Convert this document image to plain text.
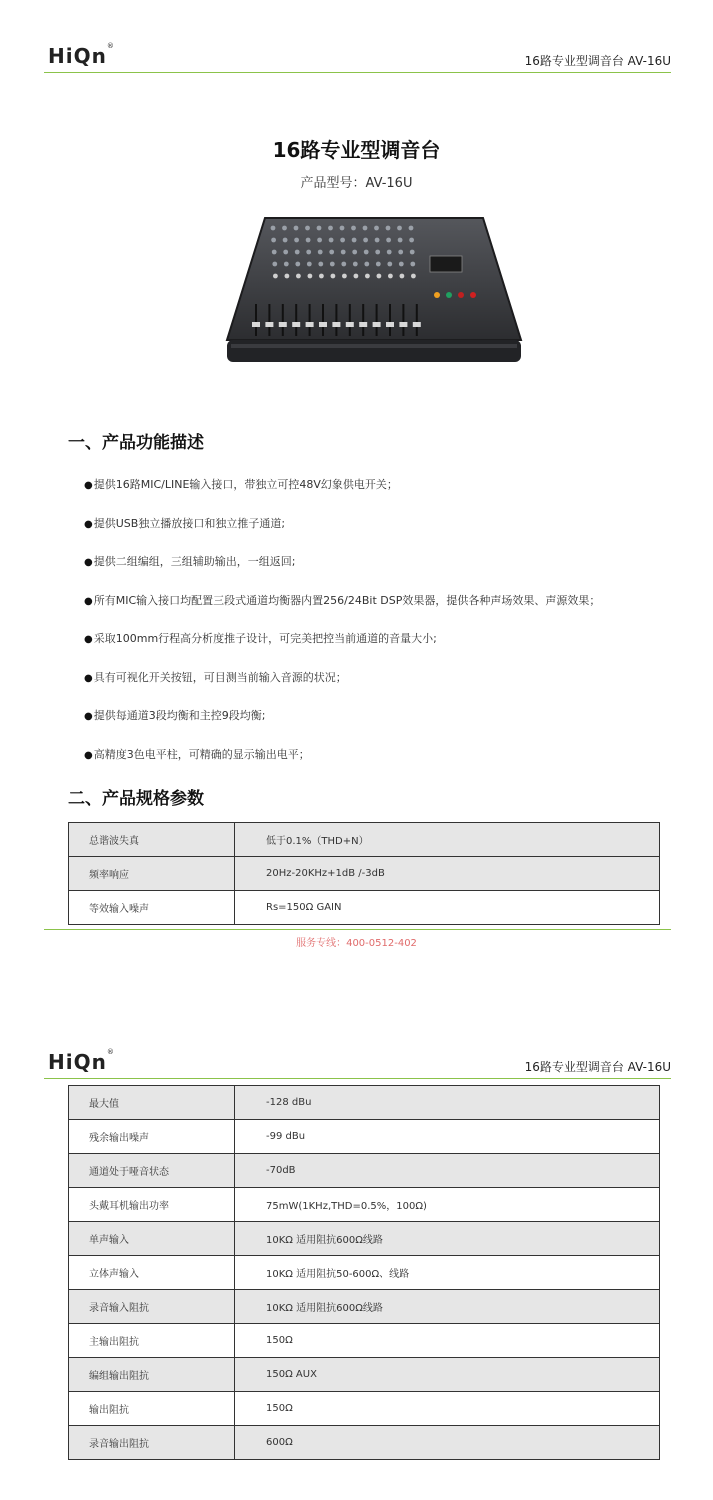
HiQn®
16路专业型调音台 AV-16U
16路专业型调音台
产品型号：AV-16U
一、产品功能描述
● 提供16路MIC/LINE输入接口，带独立可控48V幻象供电开关；
● 提供USB独立播放接口和独立推子通道;
● 提供二组编组，三组辅助输出，一组返回;
● 所有MIC输入接口均配置三段式通道均衡器内置256/24Bit DSP效果器，提供各种声场效果、声源效果；
● 采取100mm行程高分析度推子设计，可完美把控当前通道的音量大小;
● 具有可视化开关按钮，可目测当前输入音源的状况；
● 提供每通道3段均衡和主控9段均衡;
● 高精度3色电平柱，可精确的显示输出电平；
二、产品规格参数
总谐波失真	低于0.1%（THD+N）
频率响应	20Hz-20KHz+1dB /-3dB
等效输入噪声	Rs=150Ω GAIN
服务专线：400-0512-402
HiQn®
16路专业型调音台 AV-16U
最大值	-128 dBu
残余输出噪声	-99 dBu
通道处于哑音状态	-70dB
头戴耳机输出功率	75mW(1KHz,THD=0.5%，100Ω)
单声输入	10KΩ 适用阻抗600Ω线路
立体声输入	10KΩ 适用阻抗50-600Ω、线路
录音输入阻抗	10KΩ 适用阻抗600Ω线路
主输出阻抗	150Ω
编组输出阻抗	150Ω AUX
输出阻抗	150Ω
录音输出阻抗	600Ω
